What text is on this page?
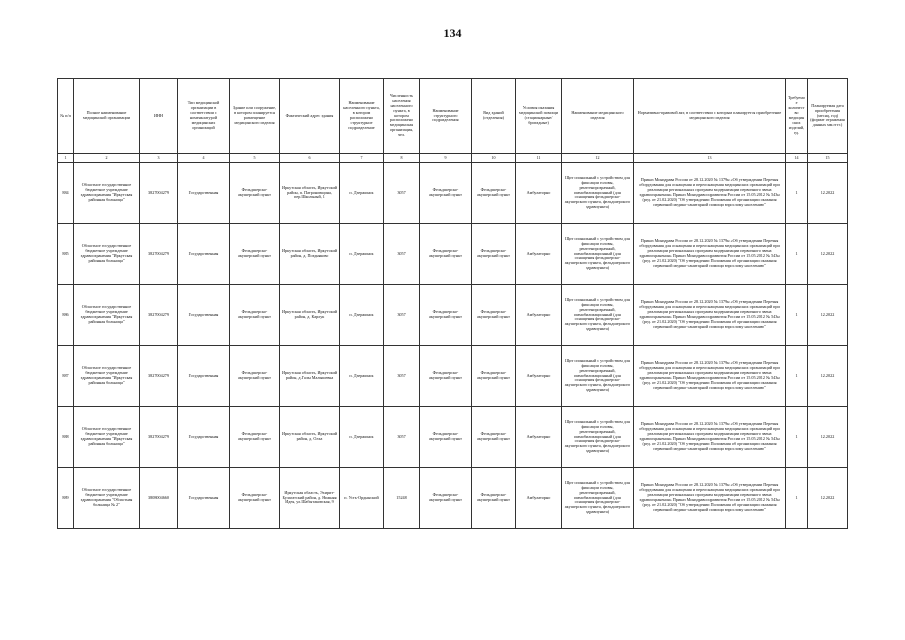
134
№ п/п	Полное наименование медицинской организации	ИНН	Тип медицинской организации в соответствии с номенклатурой медицинских организаций	Здание или сооружение, в котором планируется размещение медицинского изделия	Фактический адрес здания	Наименование населенного пункта, в котором расположено структурное подразделение	Численность населения населенного пункта, в котором расположено медицинская организация, чел.	Наименование структурного подразделения	Вид зданий (отделения)	Условия оказания медицинской помощи (стационарные/ бригадные)	Наименование медицинского изделия	Нормативно-правовой акт, в соответствии с которым планируется приобретение медицинского изделия	Требуемое количество медицинских изделий, ед.	Планируемая дата приобретения (месяц, год) (формат отражения данных мм.гггг.)
1	2	3	4	5	6	7	8	9	10	11	12	13	14	15
884	Областное государственное бюджетное учреждение здравоохранения "Иркутская районная больница"	3827004279	Государственная	Фельдшерско-акушерский пункт	Иркутская область, Иркутский район, п. Патроновщина, пер.Школьный, 1	п. Дзержинск	3057	Фельдшерско-акушерский пункт	Фельдшерско-акушерский пункт	Амбулаторно	Щит спинальный с устройством для фиксации головы, рентгенпрозрачный, иммобилизационный (для оснащения фельдшерско-акушерского пункта, фельдшерского здравпункта)	Приказ Минздрава России от 28.12.2020 № 1379н «Об утверждении Перечня оборудования для оснащения и переоснащения медицинских организаций при реализации региональных программ модернизации первичного звена здравоохранения» Приказ Минздравсоцразвития России от 15.05.2012 № 543н (ред. от 21.02.2020) "Об утверждении Положения об организации оказания первичной медико-санитарной помощи взрослому населению"	1	12.2022
885	Областное государственное бюджетное учреждение здравоохранения "Иркутская районная больница"	3827004279	Государственная	Фельдшерско-акушерский пункт	Иркутская область, Иркутский район, д. Поздняково	п. Дзержинск	3057	Фельдшерско-акушерский пункт	Фельдшерско-акушерский пункт	Амбулаторно	Щит спинальный с устройством для фиксации головы, рентгенпрозрачный, иммобилизационный (для оснащения фельдшерско-акушерского пункта, фельдшерского здравпункта)	Приказ Минздрава России от 28.12.2020 № 1379н «Об утверждении Перечня оборудования для оснащения и переоснащения медицинских организаций при реализации региональных программ модернизации первичного звена здравоохранения» Приказ Минздравсоцразвития России от 15.05.2012 № 543н (ред. от 21.02.2020) "Об утверждении Положения об организации оказания первичной медико-санитарной помощи взрослому населению"	1	12.2022
886	Областное государственное бюджетное учреждение здравоохранения "Иркутская районная больница"	3827004279	Государственная	Фельдшерско-акушерский пункт	Иркутская область, Иркутский район, д. Карлук	п. Дзержинск	3057	Фельдшерско-акушерский пункт	Фельдшерско-акушерский пункт	Амбулаторно	Щит спинальный с устройством для фиксации головы, рентгенпрозрачный, иммобилизационный (для оснащения фельдшерско-акушерского пункта, фельдшерского здравпункта)	Приказ Минздрава России от 28.12.2020 № 1379н «Об утверждении Перечня оборудования для оснащения и переоснащения медицинских организаций при реализации региональных программ модернизации первичного звена здравоохранения» Приказ Минздравсоцразвития России от 15.05.2012 № 543н (ред. от 21.02.2020) "Об утверждении Положения об организации оказания первичной медико-санитарной помощи взрослому населению"	1	12.2022
887	Областное государственное бюджетное учреждение здравоохранения "Иркутская районная больница"	3827004279	Государственная	Фельдшерско-акушерский пункт	Иркутская область, Иркутский район, д.Галы Малышевка	п. Дзержинск	3057	Фельдшерско-акушерский пункт	Фельдшерско-акушерский пункт	Амбулаторно	Щит спинальный с устройством для фиксации головы, рентгенпрозрачный, иммобилизационный (для оснащения фельдшерско-акушерского пункта, фельдшерского здравпункта)	Приказ Минздрава России от 28.12.2020 № 1379н «Об утверждении Перечня оборудования для оснащения и переоснащения медицинских организаций при реализации региональных программ модернизации первичного звена здравоохранения» Приказ Минздравсоцразвития России от 15.05.2012 № 543н (ред. от 21.02.2020) "Об утверждении Положения об организации оказания первичной медико-санитарной помощи взрослому населению"	1	12.2022
888	Областное государственное бюджетное учреждение здравоохранения "Иркутская районная больница"	3827004279	Государственная	Фельдшерско-акушерский пункт	Иркутская область, Иркутский район, д. Олха	п. Дзержинск	3057	Фельдшерско-акушерский пункт	Фельдшерско-акушерский пункт	Амбулаторно	Щит спинальный с устройством для фиксации головы, рентгенпрозрачный, иммобилизационный (для оснащения фельдшерско-акушерского пункта, фельдшерского здравпункта)	Приказ Минздрава России от 28.12.2020 № 1379н «Об утверждении Перечня оборудования для оснащения и переоснащения медицинских организаций при реализации региональных программ модернизации первичного звена здравоохранения» Приказ Минздравсоцразвития России от 15.05.2012 № 543н (ред. от 21.02.2020) "Об утверждении Положения об организации оказания первичной медико-санитарной помощи взрослому населению"	1	12.2022
889	Областное государственное бюджетное учреждение здравоохранения "Областная больница № 2"	3808004660	Государственная	Фельдшерско-акушерский пункт	Иркутская область, Эхирит-Булагатский район, д. Нижняя Идея, ул.Шабытаковская, 9	п. Усть-Ордынский	15248	Фельдшерско-акушерский пункт	Фельдшерско-акушерский пункт	Амбулаторно	Щит спинальный с устройством для фиксации головы, рентгенпрозрачный, иммобилизационный (для оснащения фельдшерско-акушерского пункта, фельдшерского здравпункта)	Приказ Минздрава России от 28.12.2020 № 1379н «Об утверждении Перечня оборудования для оснащения и переоснащения медицинских организаций при реализации региональных программ модернизации первичного звена здравоохранения» Приказ Минздравсоцразвития России от 15.05.2012 № 543н (ред. от 21.02.2020) "Об утверждении Положения об организации оказания первичной медико-санитарной помощи взрослому населению"	1	12.2022
